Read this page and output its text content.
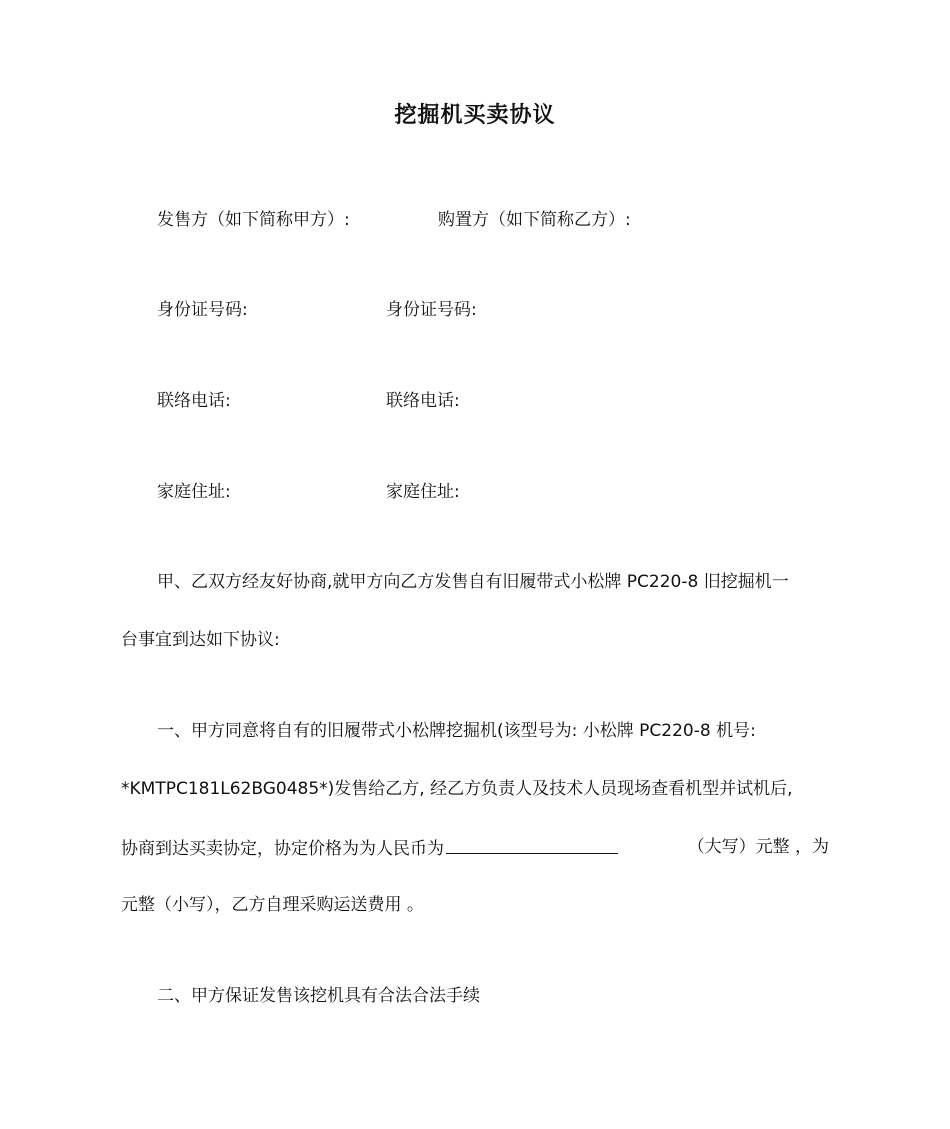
挖掘机买卖协议
发售方（如下简称甲方）:	购置方（如下简称乙方）:
身份证号码:	身份证号码:
联络电话:	联络电话:
家庭住址:	家庭住址:
甲、乙双方经友好协商,就甲方向乙方发售自有旧履带式小松牌 PC220-8 旧挖掘机一
台事宜到达如下协议:
一、甲方同意将自有的旧履带式小松牌挖掘机(该型号为: 小松牌 PC220-8 机号:
*KMTPC181L62BG0485*)发售给乙方, 经乙方负责人及技术人员现场查看机型并试机后,
协商到达买卖协定，协定价格为为人民币为	（大写）元整 ，为
元整（小写），乙方自理采购运送费用 。
二、甲方保证发售该挖机具有合法合法手续
